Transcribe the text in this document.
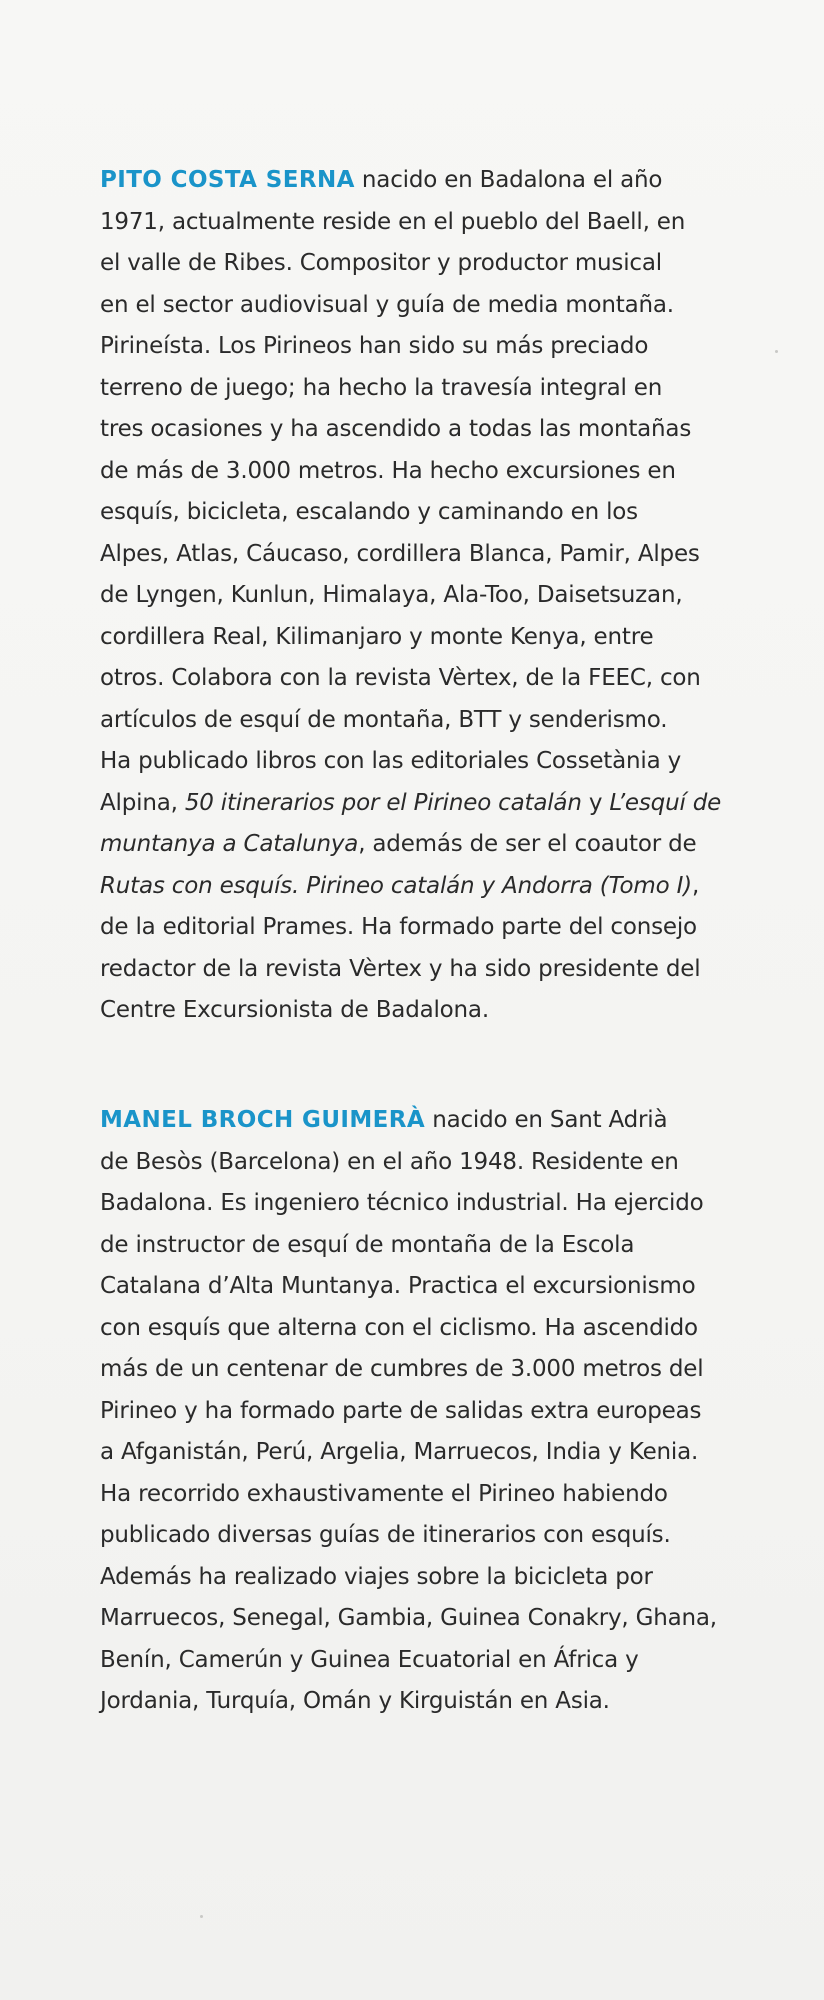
PITO COSTA SERNA nacido en Badalona el año
1971, actualmente reside en el pueblo del Baell, en
el valle de Ribes. Compositor y productor musical
en el sector audiovisual y guía de media montaña.
Pirineísta. Los Pirineos han sido su más preciado
terreno de juego; ha hecho la travesía integral en
tres ocasiones y ha ascendido a todas las montañas
de más de 3.000 metros. Ha hecho excursiones en
esquís, bicicleta, escalando y caminando en los
Alpes, Atlas, Cáucaso, cordillera Blanca, Pamir, Alpes
de Lyngen, Kunlun, Himalaya, Ala-Too, Daisetsuzan,
cordillera Real, Kilimanjaro y monte Kenya, entre
otros. Colabora con la revista Vèrtex, de la FEEC, con
artículos de esquí de montaña, BTT y senderismo.
Ha publicado libros con las editoriales Cossetània y
Alpina, 50 itinerarios por el Pirineo catalán y L’esquí de
muntanya a Catalunya, además de ser el coautor de
Rutas con esquís. Pirineo catalán y Andorra (Tomo I),
de la editorial Prames. Ha formado parte del consejo
redactor de la revista Vèrtex y ha sido presidente del
Centre Excursionista de Badalona.

MANEL BROCH GUIMERÀ nacido en Sant Adrià
de Besòs (Barcelona) en el año 1948. Residente en
Badalona. Es ingeniero técnico industrial. Ha ejercido
de instructor de esquí de montaña de la Escola
Catalana d’Alta Muntanya. Practica el excursionismo
con esquís que alterna con el ciclismo. Ha ascendido
más de un centenar de cumbres de 3.000 metros del
Pirineo y ha formado parte de salidas extra europeas
a Afganistán, Perú, Argelia, Marruecos, India y Kenia.
Ha recorrido exhaustivamente el Pirineo habiendo
publicado diversas guías de itinerarios con esquís.
Además ha realizado viajes sobre la bicicleta por
Marruecos, Senegal, Gambia, Guinea Conakry, Ghana,
Benín, Camerún y Guinea Ecuatorial en África y
Jordania, Turquía, Omán y Kirguistán en Asia.
